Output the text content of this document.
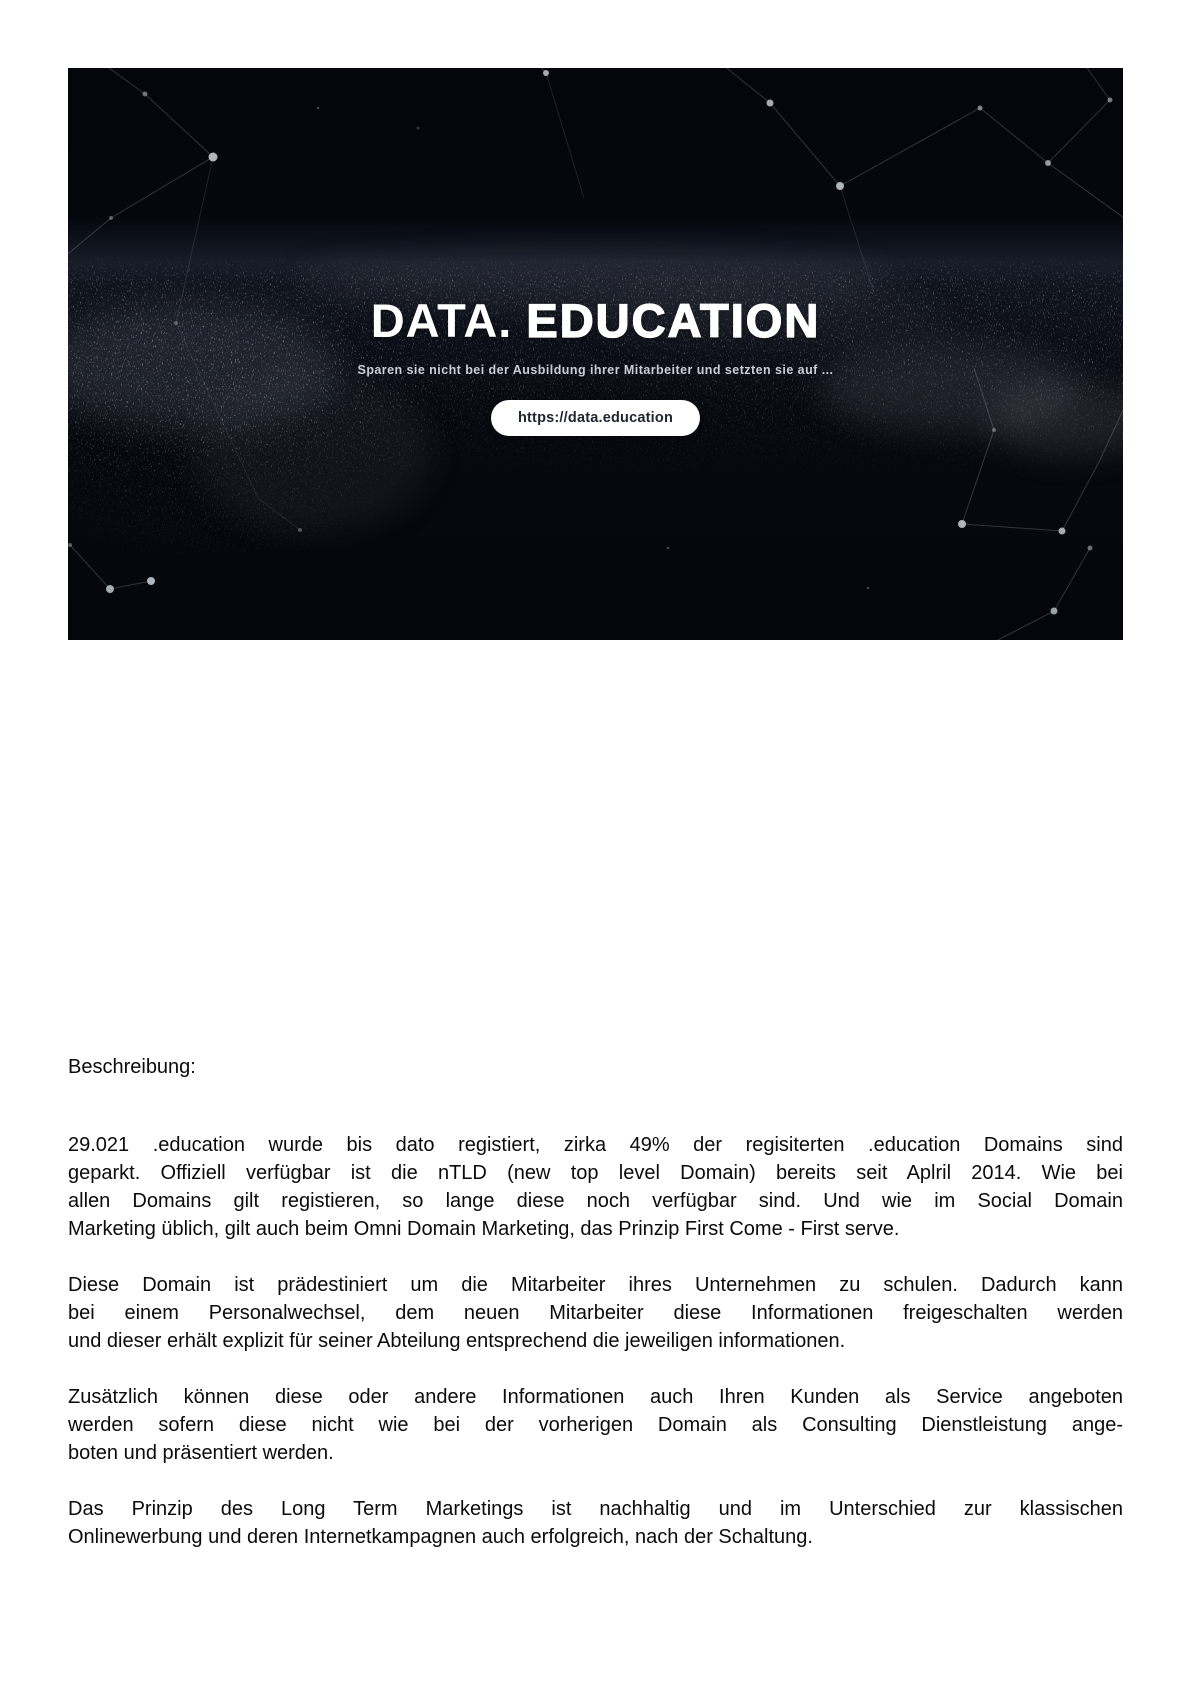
DATA. EDUCATION

Sparen sie nicht bei der Ausbildung ihrer Mitarbeiter und setzten sie auf ...

https://data.education
Beschreibung:
29.021 .education wurde bis dato registiert, zirka 49% der regisiterten .education Domains sind
geparkt. Offiziell verfügbar ist die nTLD (new top level Domain) bereits seit Aplril 2014. Wie bei
allen Domains gilt registieren, so lange diese noch verfügbar sind. Und wie im Social Domain
Marketing üblich, gilt auch beim Omni Domain Marketing, das Prinzip First Come - First serve.
Diese Domain ist prädestiniert um die Mitarbeiter ihres Unternehmen zu schulen. Dadurch kann
bei einem Personalwechsel, dem neuen Mitarbeiter diese Informationen freigeschalten werden
und dieser erhält explizit für seiner Abteilung entsprechend die jeweiligen informationen.
Zusätzlich können diese oder andere Informationen auch Ihren Kunden als Service angeboten
werden sofern diese nicht wie bei der vorherigen Domain als Consulting Dienstleistung ange-
boten und präsentiert werden.
Das Prinzip des Long Term Marketings ist nachhaltig und im Unterschied zur klassischen
Onlinewerbung und deren Internetkampagnen auch erfolgreich, nach der Schaltung.
